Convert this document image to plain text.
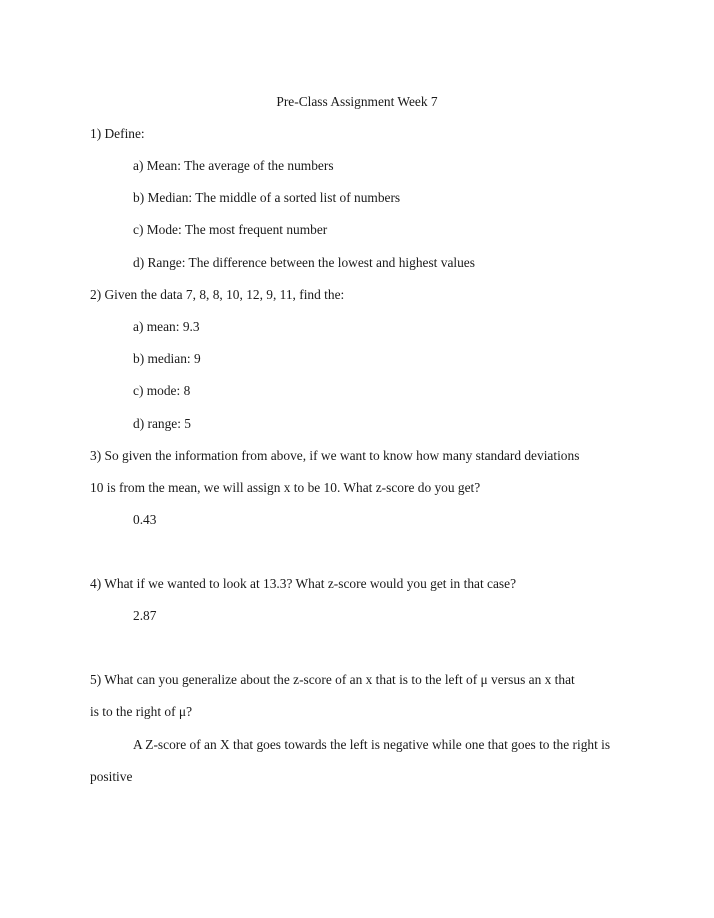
Pre-Class Assignment Week 7
1) Define:
a) Mean: The average of the numbers
b) Median: The middle of a sorted list of numbers
c) Mode: The most frequent number
d) Range: The difference between the lowest and highest values
2) Given the data 7, 8, 8, 10, 12, 9, 11, find the:
a) mean: 9.3
b) median: 9
c) mode: 8
d) range: 5
3) So given the information from above, if we want to know how many standard deviations
10 is from the mean, we will assign x to be 10. What z-score do you get?
0.43
4) What if we wanted to look at 13.3? What z-score would you get in that case?
2.87
5) What can you generalize about the z-score of an x that is to the left of μ versus an x that
is to the right of μ?
A Z-score of an X that goes towards the left is negative while one that goes to the right is
positive
